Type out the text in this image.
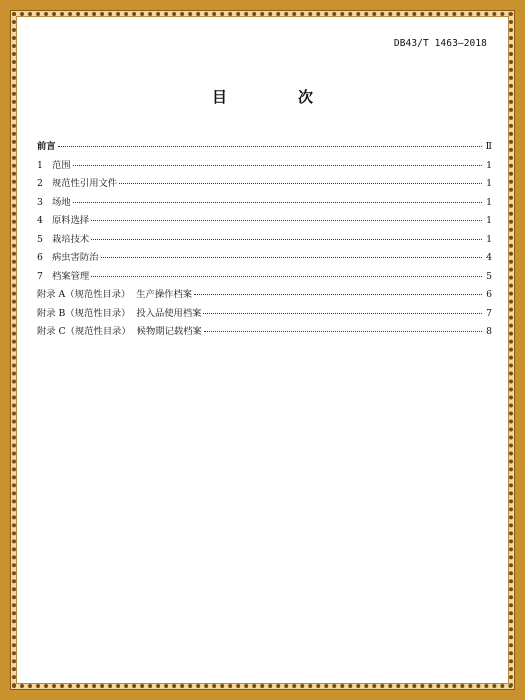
DB43/T 1463—2018
目　次
前言	Ⅱ
1 范围	1
2 规范性引用文件	1
3 场地	1
4 原料选择	1
5 栽培技术	1
6 病虫害防治	4
7 档案管理	5
附录 A（规范性目录）  生产操作档案	6
附录 B（规范性目录）  投入品使用档案	7
附录 C（规范性目录）  候物期记载档案	8
